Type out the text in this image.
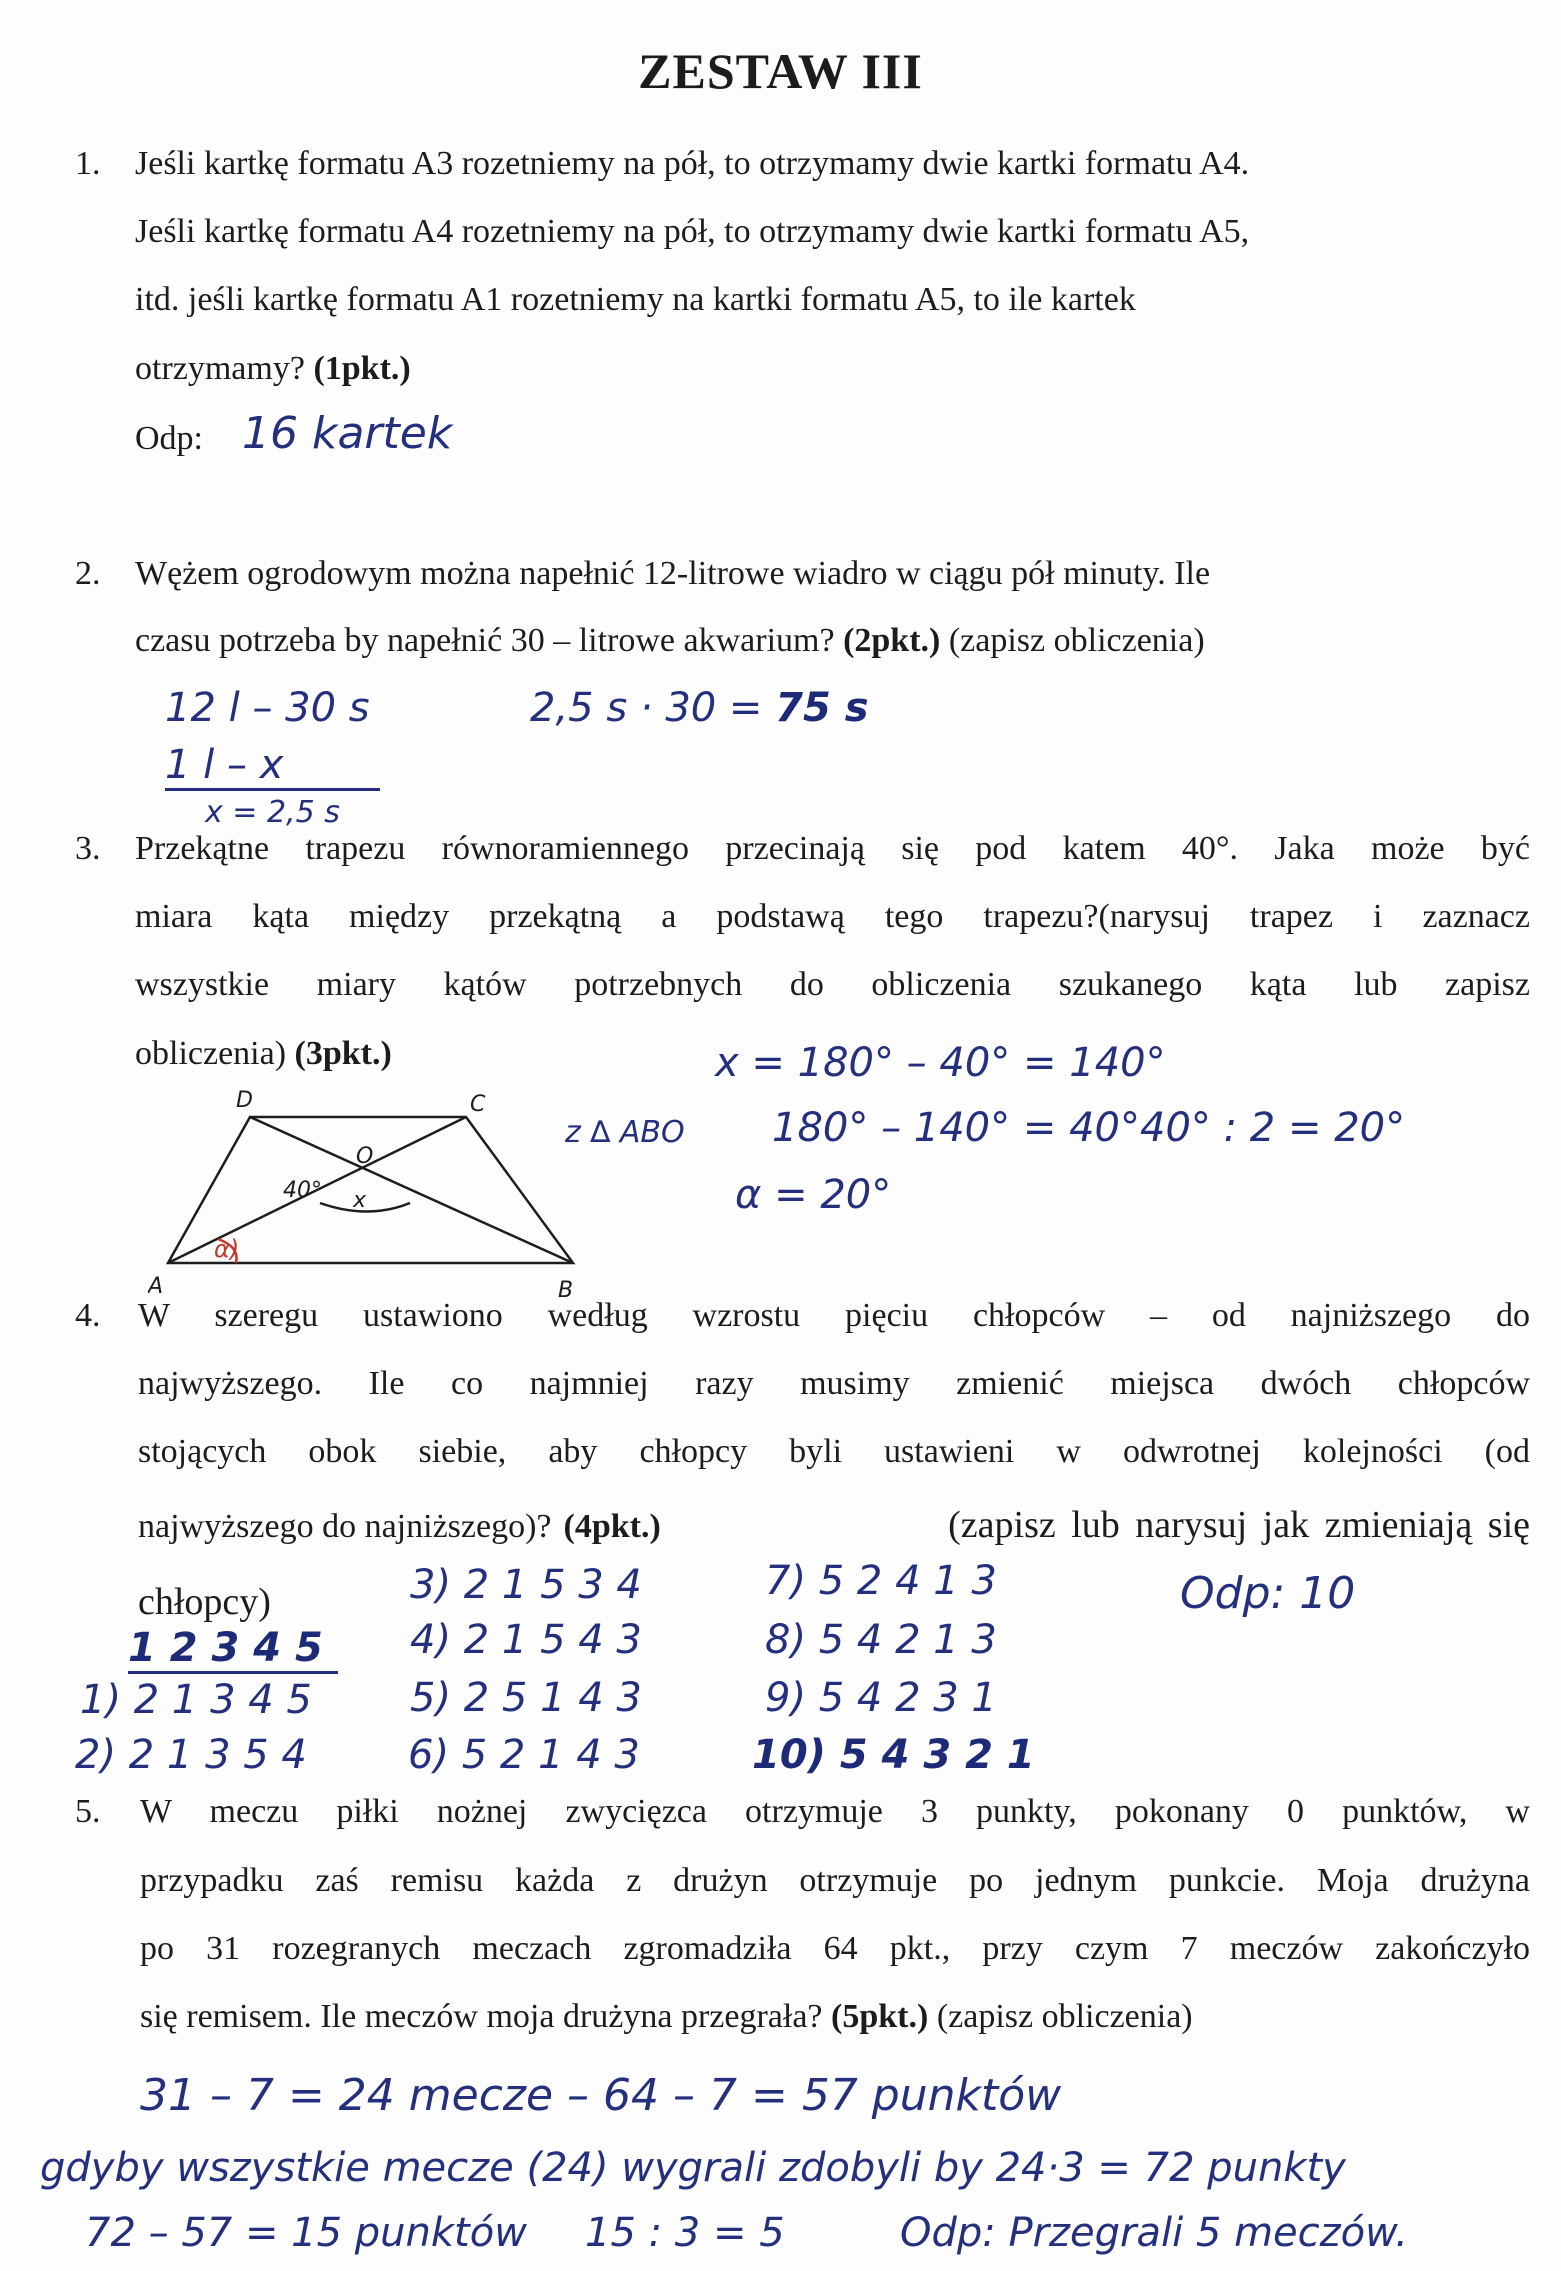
ZESTAW III
1. Jeśli kartkę formatu A3 rozetniemy na pół, to otrzymamy dwie kartki formatu A4.
Jeśli kartkę formatu A4 rozetniemy na pół, to otrzymamy dwie kartki formatu A5,
itd. jeśli kartkę formatu A1 rozetniemy na kartki formatu A5, to ile kartek
otrzymamy? (1pkt.)
Odp: 16 kartek
2. Wężem ogrodowym można napełnić 12-litrowe wiadro w ciągu pół minuty. Ile
czasu potrzeba by napełnić 30 – litrowe akwarium? (2pkt.) (zapisz obliczenia)
12 l – 30 s
1 l – x
x = 2,5 s
2,5 s · 30 = 75 s
3. Przekątne trapezu równoramiennego przecinają się pod katem 40°. Jaka może być
miara kąta między przekątną a podstawą tego trapezu?(narysuj trapez i zaznacz
wszystkie miary kątów potrzebnych do obliczenia szukanego kąta lub zapisz
obliczenia) (3pkt.)	x = 180° – 40° = 140°
z ∆ ABO 180° – 140° = 40° 40° : 2 = 20°
α = 20°
A	B
C
D
O
40° x
α)
4. W szeregu ustawiono według wzrostu pięciu chłopców – od najniższego do
najwyższego. Ile co najmniej razy musimy zmienić miejsca dwóch chłopców
stojących obok siebie, aby chłopcy byli ustawieni w odwrotnej kolejności (od
najwyższego do najniższego)? (4pkt.)	(zapisz lub narysuj jak zmieniają się
chłopcy)
1 2 3 4 5
1) 2 1 3 4 5
2) 2 1 3 5 4
3) 2 1 5 3 4
4) 2 1 5 4 3
5) 2 5 1 4 3
6) 5 2 1 4 3
7) 5 2 4 1 3
8) 5 4 2 1 3
9) 5 4 2 3 1
10) 5 4 3 2 1
Odp: 10
5. W meczu piłki nożnej zwycięzca otrzymuje 3 punkty, pokonany 0 punktów, w
przypadku zaś remisu każda z drużyn otrzymuje po jednym punkcie. Moja drużyna
po 31 rozegranych meczach zgromadziła 64 pkt., przy czym 7 meczów zakończyło
się remisem. Ile meczów moja drużyna przegrała? (5pkt.) (zapisz obliczenia)
31 – 7 = 24 mecze – 64 – 7 = 57 punktów
gdyby wszystkie mecze (24) wygrali zdobyli by 24·3 = 72 punkty
72 – 57 = 15 punktów 15 : 3 = 5	Odp: Przegrali 5 meczów.
